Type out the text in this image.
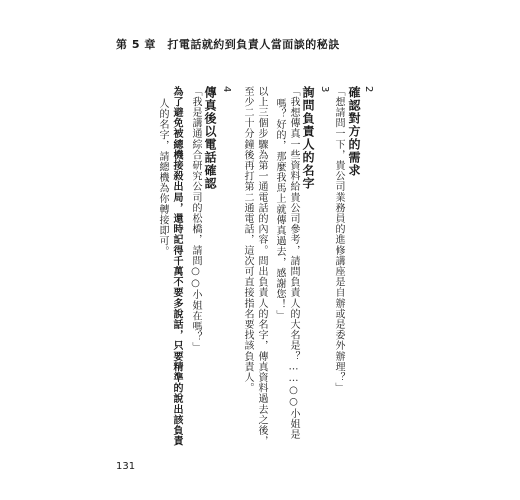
第 5 章　打電話就約到負責人當面談的秘訣
2
確認對方的需求
「想請問一下，貴公司業務員的進修講座是自辦或是委外辦理？」
3
詢問負責人的名字
「我想傳真一些資料給貴公司參考，請問負責人的大名是？……○○小姐是
嗎？好的，那麼我馬上就傳真過去，感謝您！」
以上三個步驟為第一通電話的內容。問出負責人的名字，傳真資料過去之後，
至少二十分鐘後再打第二通電話，這次可直接指名要找該負責人。
4
傳真後以電話確認
「我是講通綜合研究公司的松橋，請問○○小姐在嗎？」
為了避免被總機接殺出局，還時記得千萬不要多說話，只要精準的說出該負責
人的名字，請總機為你轉接即可。
131
